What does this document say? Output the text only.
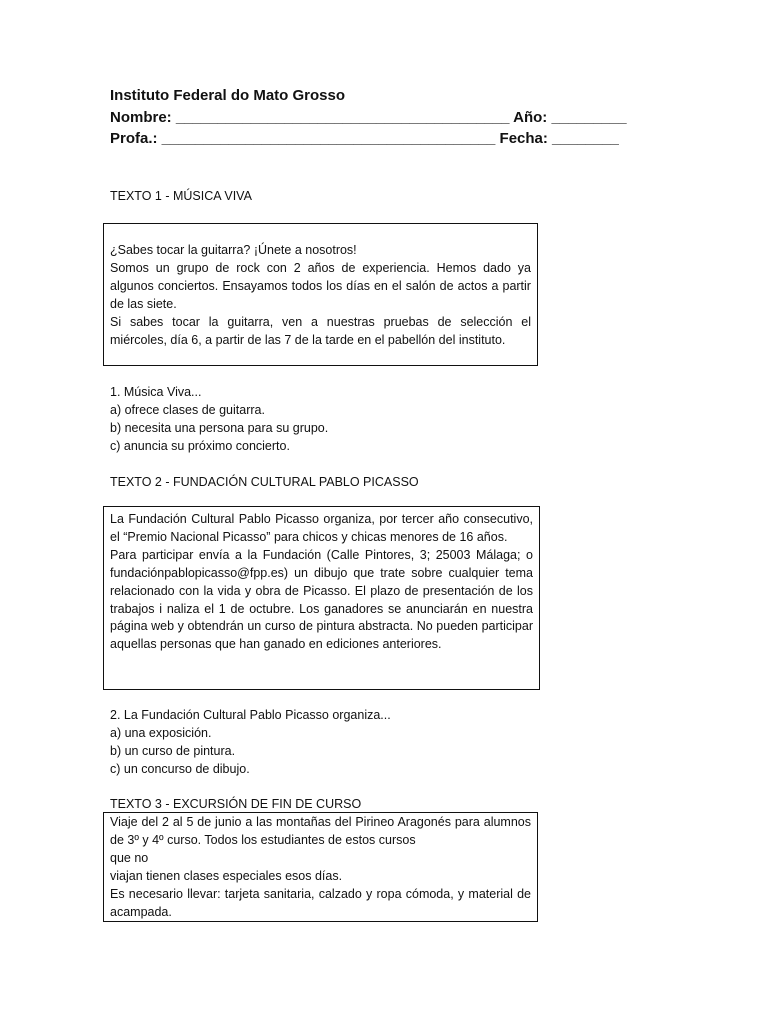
Instituto Federal do Mato Grosso
Nombre: ________________________________________ Año: _________
Profa.: ________________________________________ Fecha: ________
TEXTO 1 - MÚSICA VIVA

¿Sabes tocar la guitarra? ¡Únete a nosotros!
Somos un grupo de rock con 2 años de experiencia. Hemos dado ya algunos conciertos. Ensayamos todos los días en el salón de actos a partir de las siete.
Si sabes tocar la guitarra, ven a nuestras pruebas de selección el miércoles, día 6, a partir de las 7 de la tarde en el pabellón del instituto.

1. Música Viva...
a) ofrece clases de guitarra.
b) necesita una persona para su grupo.
c) anuncia su próximo concierto.
TEXTO 2 - FUNDACIÓN CULTURAL PABLO PICASSO

La Fundación Cultural Pablo Picasso organiza, por tercer año consecutivo, el “Premio Nacional Picasso” para chicos y chicas menores de 16 años.
Para participar envía a la Fundación (Calle Pintores, 3; 25003 Málaga; o fundaciónpablopicasso@fpp.es) un dibujo que trate sobre cualquier tema relacionado con la vida y obra de Picasso. El plazo de presentación de los trabajos i naliza el 1 de octubre. Los ganadores se anunciarán en nuestra página web y obtendrán un curso de pintura abstracta. No pueden participar aquellas personas que han ganado en ediciones anteriores.

2. La Fundación Cultural Pablo Picasso organiza...
a) una exposición.
b) un curso de pintura.
c) un concurso de dibujo.
TEXTO 3 - EXCURSIÓN DE FIN DE CURSO

Viaje del 2 al 5 de junio a las montañas del Pirineo Aragonés para alumnos de 3º y 4º curso. Todos los estudiantes de estos cursos
que no
viajan tienen clases especiales esos días.
Es necesario llevar: tarjeta sanitaria, calzado y ropa cómoda, y material de acampada.
